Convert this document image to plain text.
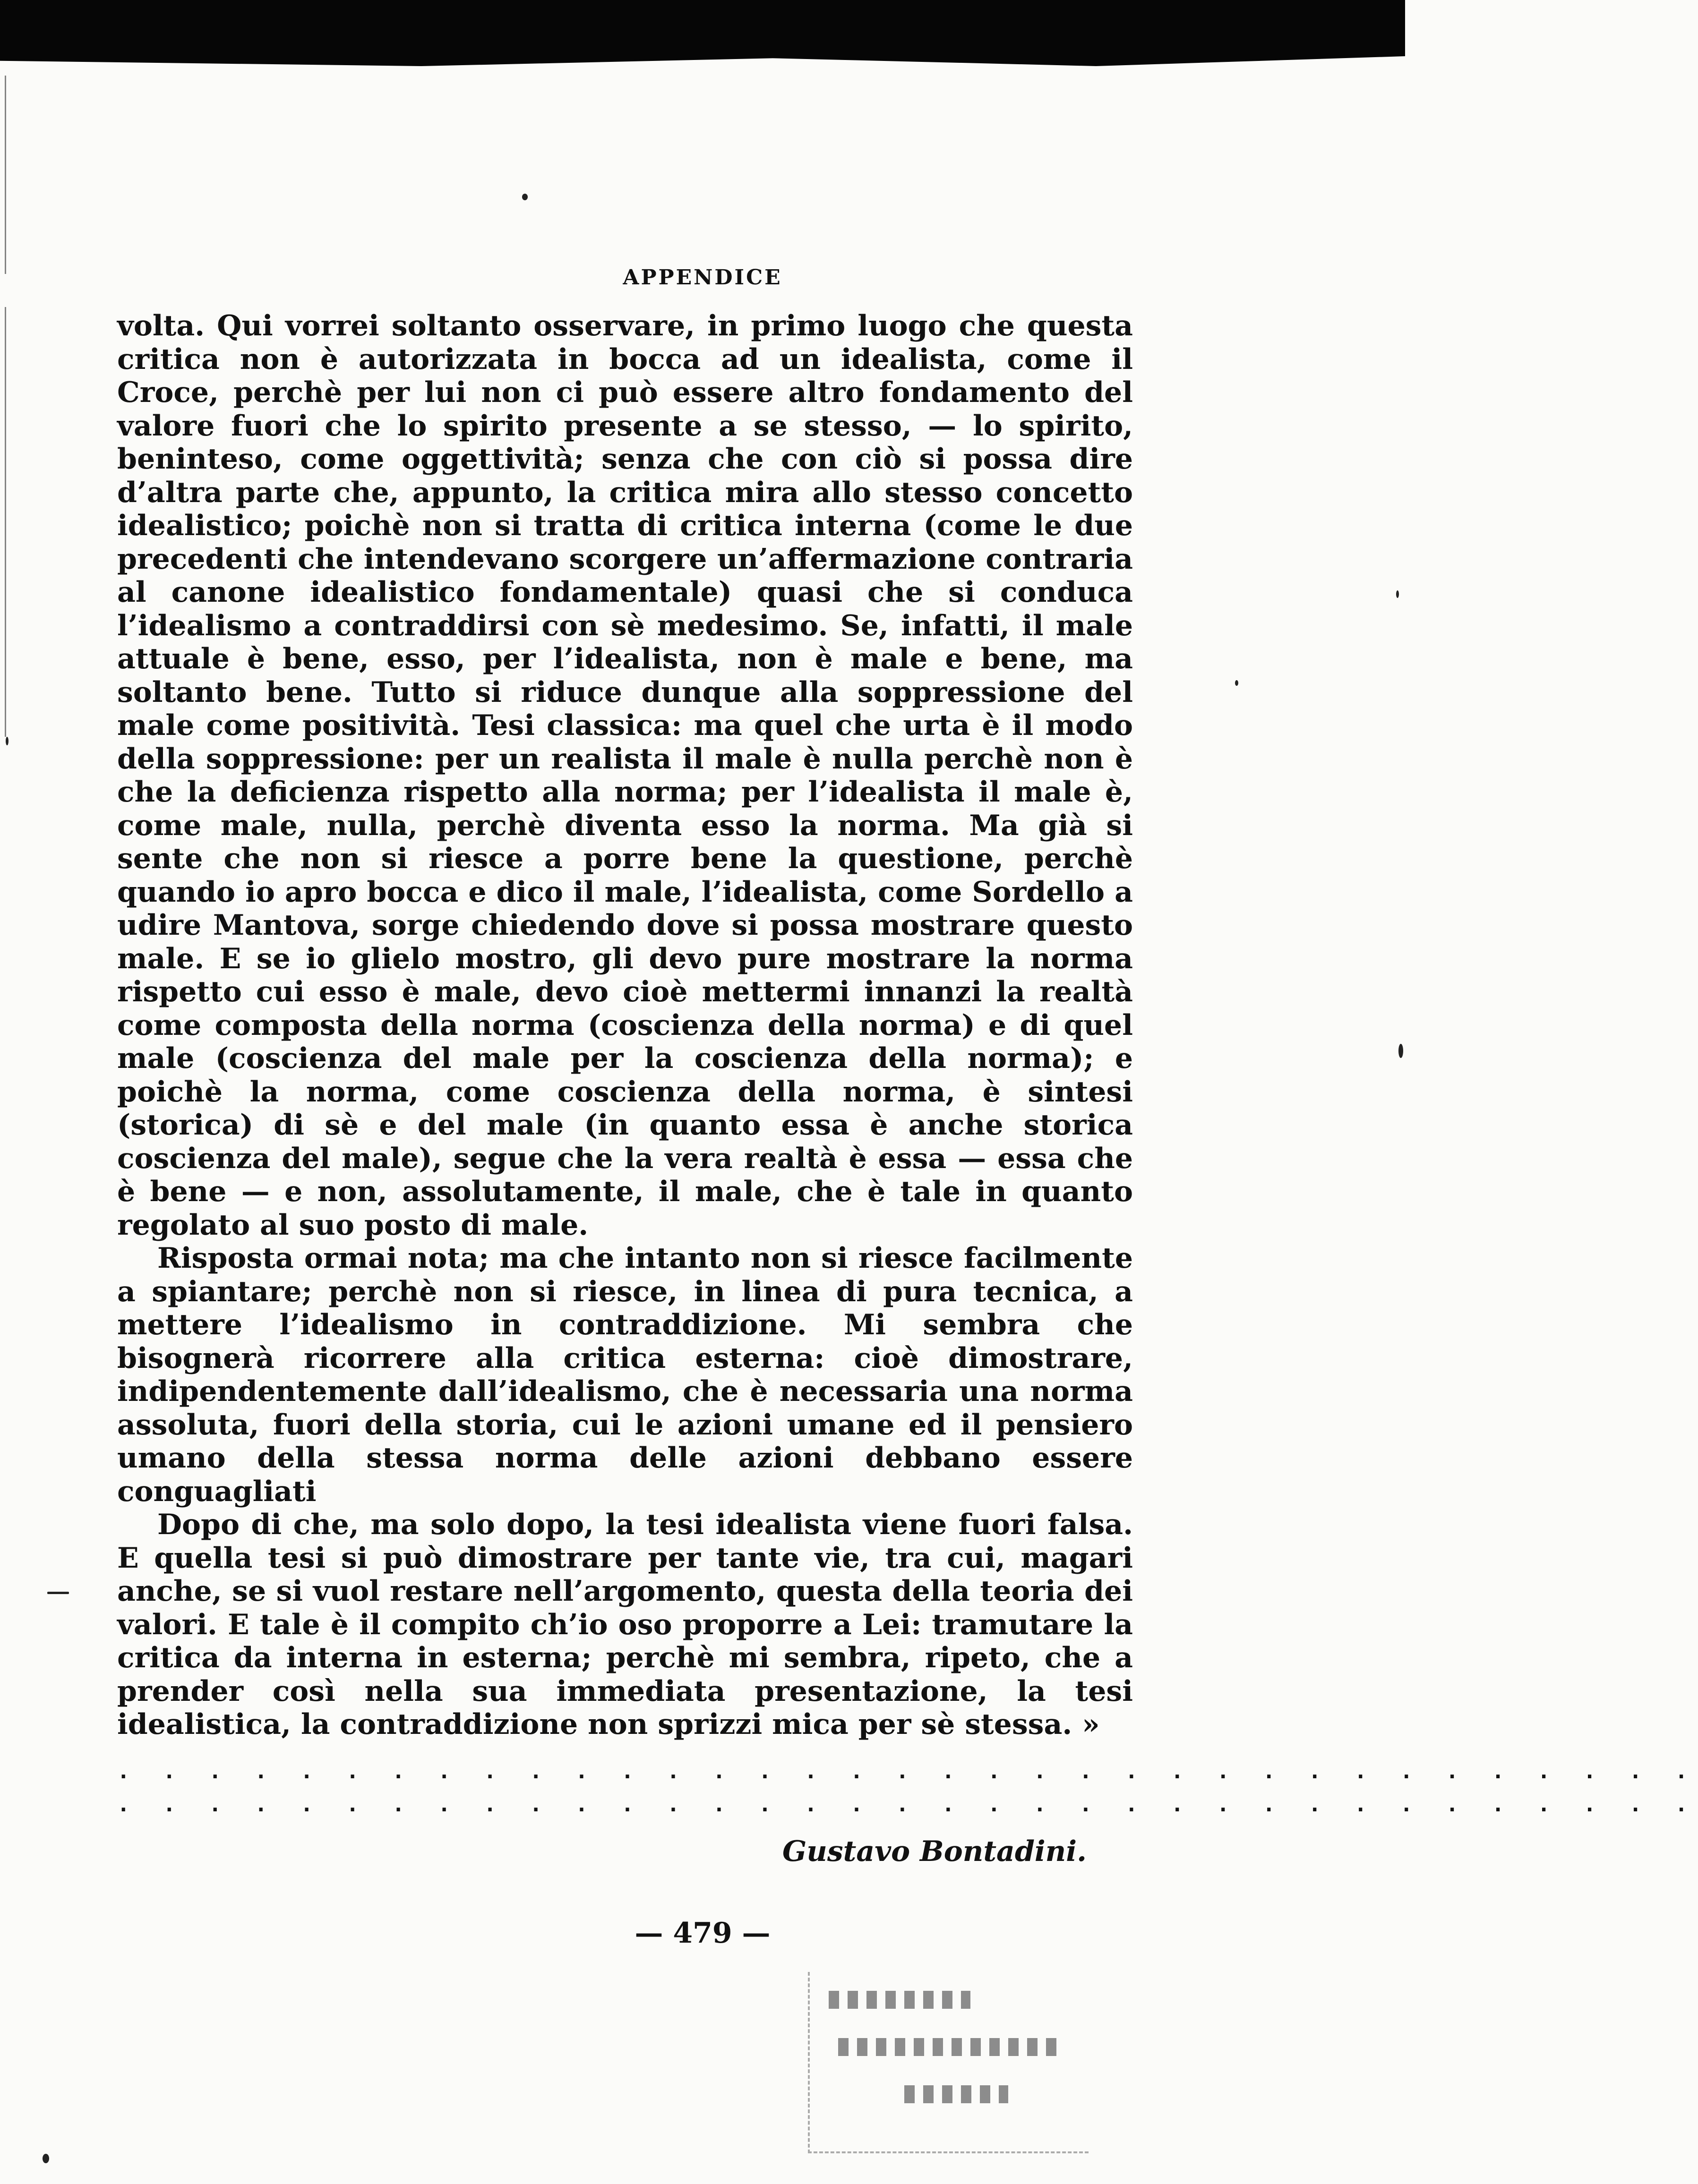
APPENDICE

volta. Qui vorrei soltanto osservare, in primo luogo che questa critica non è autorizzata in bocca ad un idealista, come il Croce, perchè per lui non ci può essere altro fondamento del valore fuori che lo spirito presente a se stesso, — lo spirito, beninteso, come oggettività; senza che con ciò si possa dire d’altra parte che, appunto, la critica mira allo stesso concetto idealistico; poichè non si tratta di critica interna (come le due precedenti che intendevano scorgere un’affermazione contraria al canone idealistico fondamentale) quasi che si conduca l’idealismo a contraddirsi con sè medesimo. Se, infatti, il male attuale è bene, esso, per l’idealista, non è male e bene, ma soltanto bene. Tutto si riduce dunque alla soppressione del male come positività. Tesi classica: ma quel che urta è il modo della soppressione: per un realista il male è nulla perchè non è che la deficienza rispetto alla norma; per l’idealista il male è, come male, nulla, perchè diventa esso la norma. Ma già si sente che non si riesce a porre bene la questione, perchè quando io apro bocca e dico il male, l’idealista, come Sordello a udire Mantova, sorge chiedendo dove si possa mostrare questo male. E se io glielo mostro, gli devo pure mostrare la norma rispetto cui esso è male, devo cioè mettermi innanzi la realtà come composta della norma (coscienza della norma) e di quel male (coscienza del male per la coscienza della norma); e poichè la norma, come coscienza della norma, è sintesi (storica) di sè e del male (in quanto essa è anche storica coscienza del male), segue che la vera realtà è essa — essa che è bene — e non, assolutamente, il male, che è tale in quanto regolato al suo posto di male.

Risposta ormai nota; ma che intanto non si riesce facilmente a spiantare; perchè non si riesce, in linea di pura tecnica, a mettere l’idealismo in contraddizione. Mi sembra che bisognerà ricorrere alla critica esterna: cioè dimostrare, indipendentemente dall’idealismo, che è necessaria una norma assoluta, fuori della storia, cui le azioni umane ed il pensiero umano della stessa norma delle azioni debbano essere conguagliati

Dopo di che, ma solo dopo, la tesi idealista viene fuori falsa. E quella tesi si può dimostrare per tante vie, tra cui, magari anche, se si vuol restare nell’argomento, questa della teoria dei valori. E tale è il compito ch’io oso proporre a Lei: tramutare la critica da interna in esterna; perchè mi sembra, ripeto, che a prender così nella sua immediata presentazione, la tesi idealistica, la contraddizione non sprizzi mica per sè stessa. »

. . . . . . . . . . . . . . . . . . . . . . . . . . . . . . . . . . .
. . . . . . . . . . . . . . . . . . . . . . . . . . . . . . . . . . .
Gustavo Bontadini.
— 479 —
